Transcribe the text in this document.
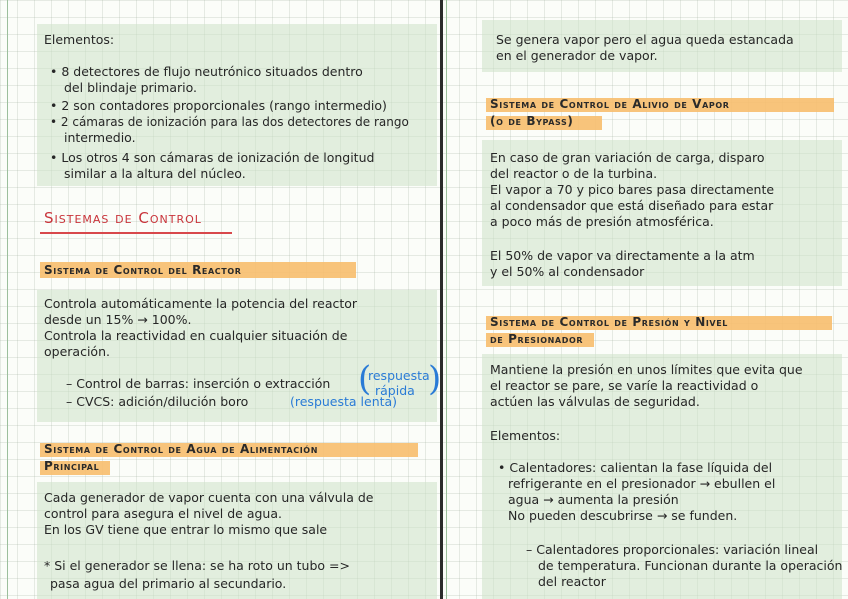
Elementos:
• 8 detectores de flujo neutrónico situados dentro
del blindaje primario.
• 2 son contadores proporcionales (rango intermedio)
• 2 cámaras de ionización para las dos detectores de rango
intermedio.
• Los otros 4 son cámaras de ionización de longitud
similar a la altura del núcleo.
Sistemas de Control
Sistema de Control del Reactor
Controla automáticamente la potencia del reactor
desde un 15% → 100%.
Controla la reactividad en cualquier situación de
operación.
– Control de barras: inserción o extracción (
respuesta
rápida )
– CVCS: adición/dilución boro	(respuesta lenta)
Sistema de Control de Agua de Alimentación
Principal
Cada generador de vapor cuenta con una válvula de
control para asegura el nivel de agua.
En los GV tiene que entrar lo mismo que sale
* Si el generador se llena: se ha roto un tubo =>
pasa agua del primario al secundario.
Se genera vapor pero el agua queda estancada
en el generador de vapor.
Sistema de Control de Alivio de Vapor
(o de Bypass)
En caso de gran variación de carga, disparo
del reactor o de la turbina.
El vapor a 70 y pico bares pasa directamente
al condensador que está diseñado para estar
a poco más de presión atmosférica.
El 50% de vapor va directamente a la atm
y el 50% al condensador
Sistema de Control de Presión y Nivel
de Presionador
Mantiene la presión en unos límites que evita que
el reactor se pare, se varíe la reactividad o
actúen las válvulas de seguridad.
Elementos:
• Calentadores: calientan la fase líquida del
refrigerante en el presionador → ebullen el
agua → aumenta la presión
No pueden descubrirse → se funden.
– Calentadores proporcionales: variación lineal
de temperatura. Funcionan durante la operación
del reactor
